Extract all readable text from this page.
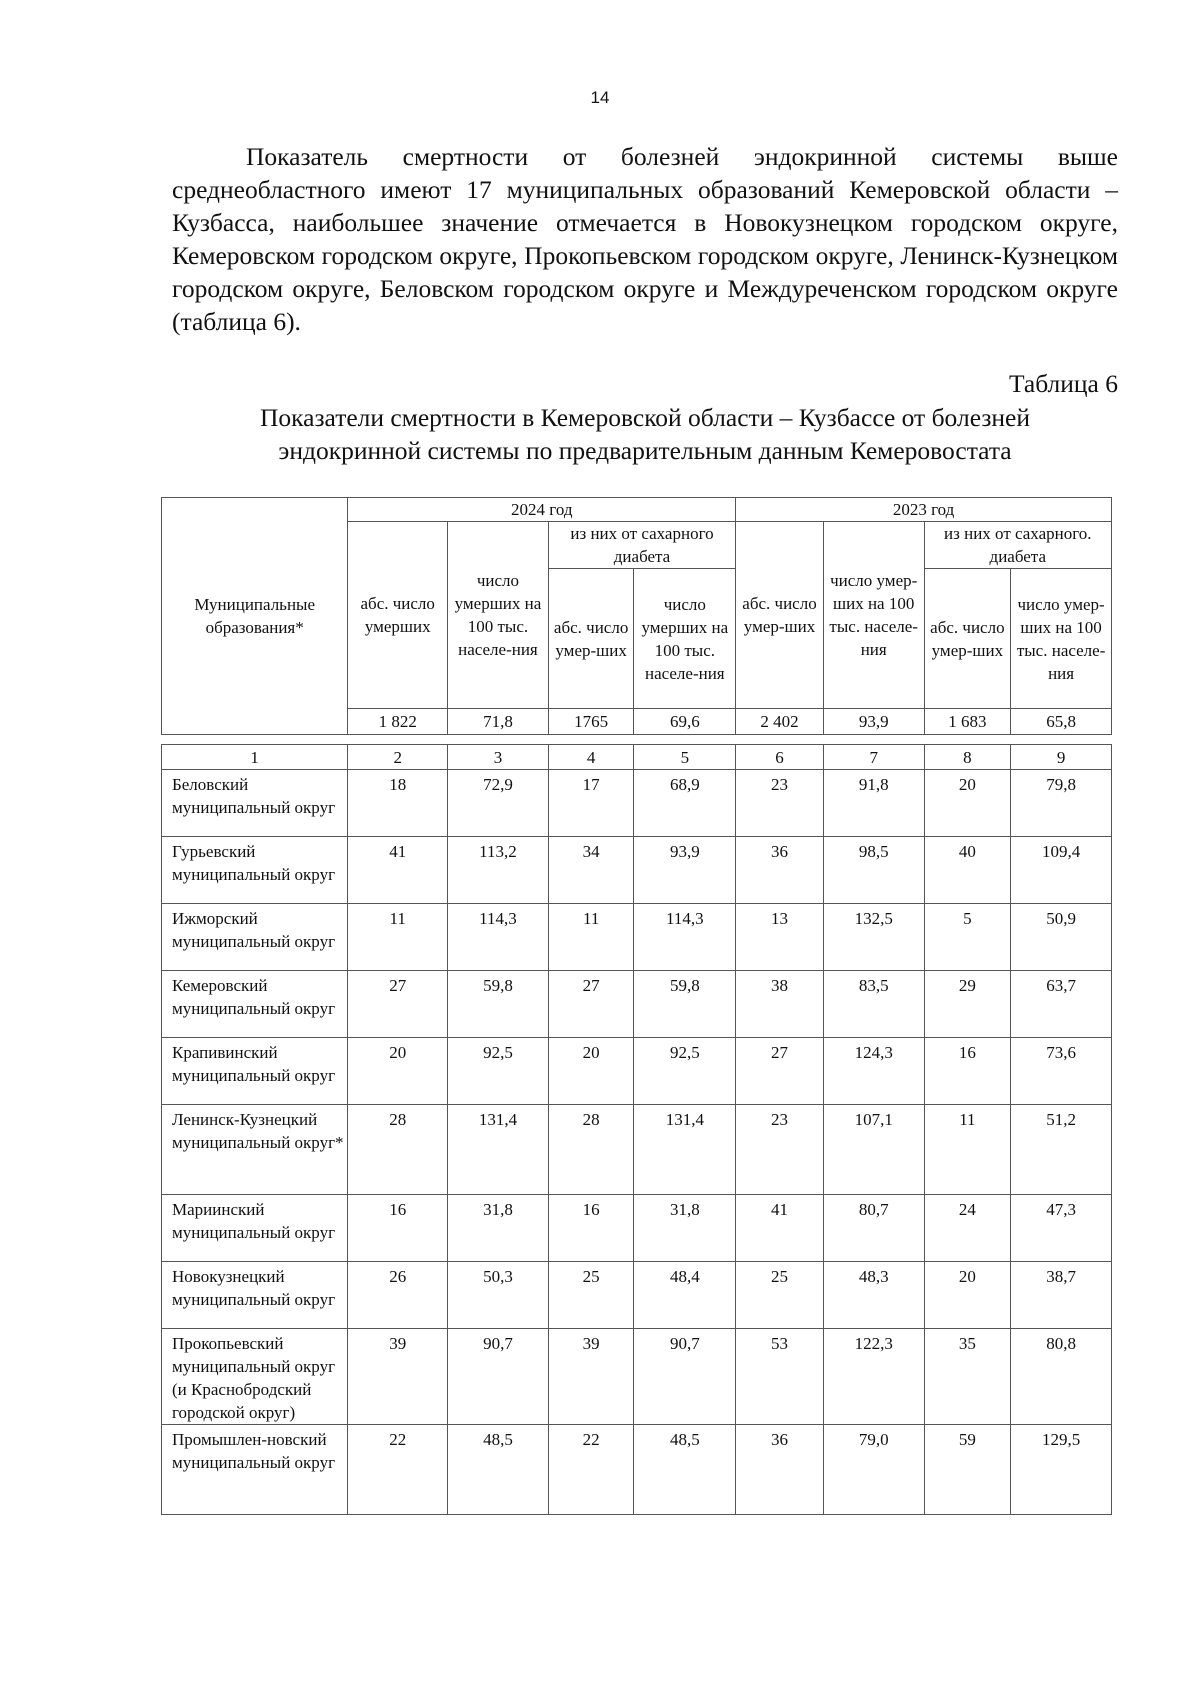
14

Показатель смертности от болезней эндокринной системы выше среднеобластного имеют 17 муниципальных образований Кемеровской области – Кузбасса, наибольшее значение отмечается в Новокузнецком городском округе, Кемеровском городском округе, Прокопьевском городском округе, Ленинск-Кузнецком городском округе, Беловском городском округе и Междуреченском городском округе (таблица 6).

Таблица 6
Показатели смертности в Кемеровской области – Кузбассе от болезней
эндокринной системы по предварительным данным Кемеровостата
Муниципальные образования*	2024 год				2023 год			
	абс. число умерших	число умерших на 100 тыс. населе-ния	из них от сахарного диабета		абс. число умер-ших	число умер-ших на 100 тыс. населе-ния	из них от сахарного. диабета	
			абс. число умер-ших	число умерших на 100 тыс. населе-ния			абс. число умер-ших	число умер-ших на 100 тыс. населе-ния
	1 822	71,8	1765	69,6	2 402	93,9	1 683	65,8
1	2	3	4	5	6	7	8	9
Беловский муниципальный округ	18	72,9	17	68,9	23	91,8	20	79,8
Гурьевский муниципальный округ	41	113,2	34	93,9	36	98,5	40	109,4
Ижморский муниципальный округ	11	114,3	11	114,3	13	132,5	5	50,9
Кемеровский муниципальный округ	27	59,8	27	59,8	38	83,5	29	63,7
Крапивинский муниципальный округ	20	92,5	20	92,5	27	124,3	16	73,6
Ленинск-Кузнецкий муниципальный округ*	28	131,4	28	131,4	23	107,1	11	51,2
Мариинский муниципальный округ	16	31,8	16	31,8	41	80,7	24	47,3
Новокузнецкий муниципальный округ	26	50,3	25	48,4	25	48,3	20	38,7
Прокопьевский муниципальный округ (и Краснобродский городской округ)	39	90,7	39	90,7	53	122,3	35	80,8
Промышлен-новский муниципальный округ	22	48,5	22	48,5	36	79,0	59	129,5
